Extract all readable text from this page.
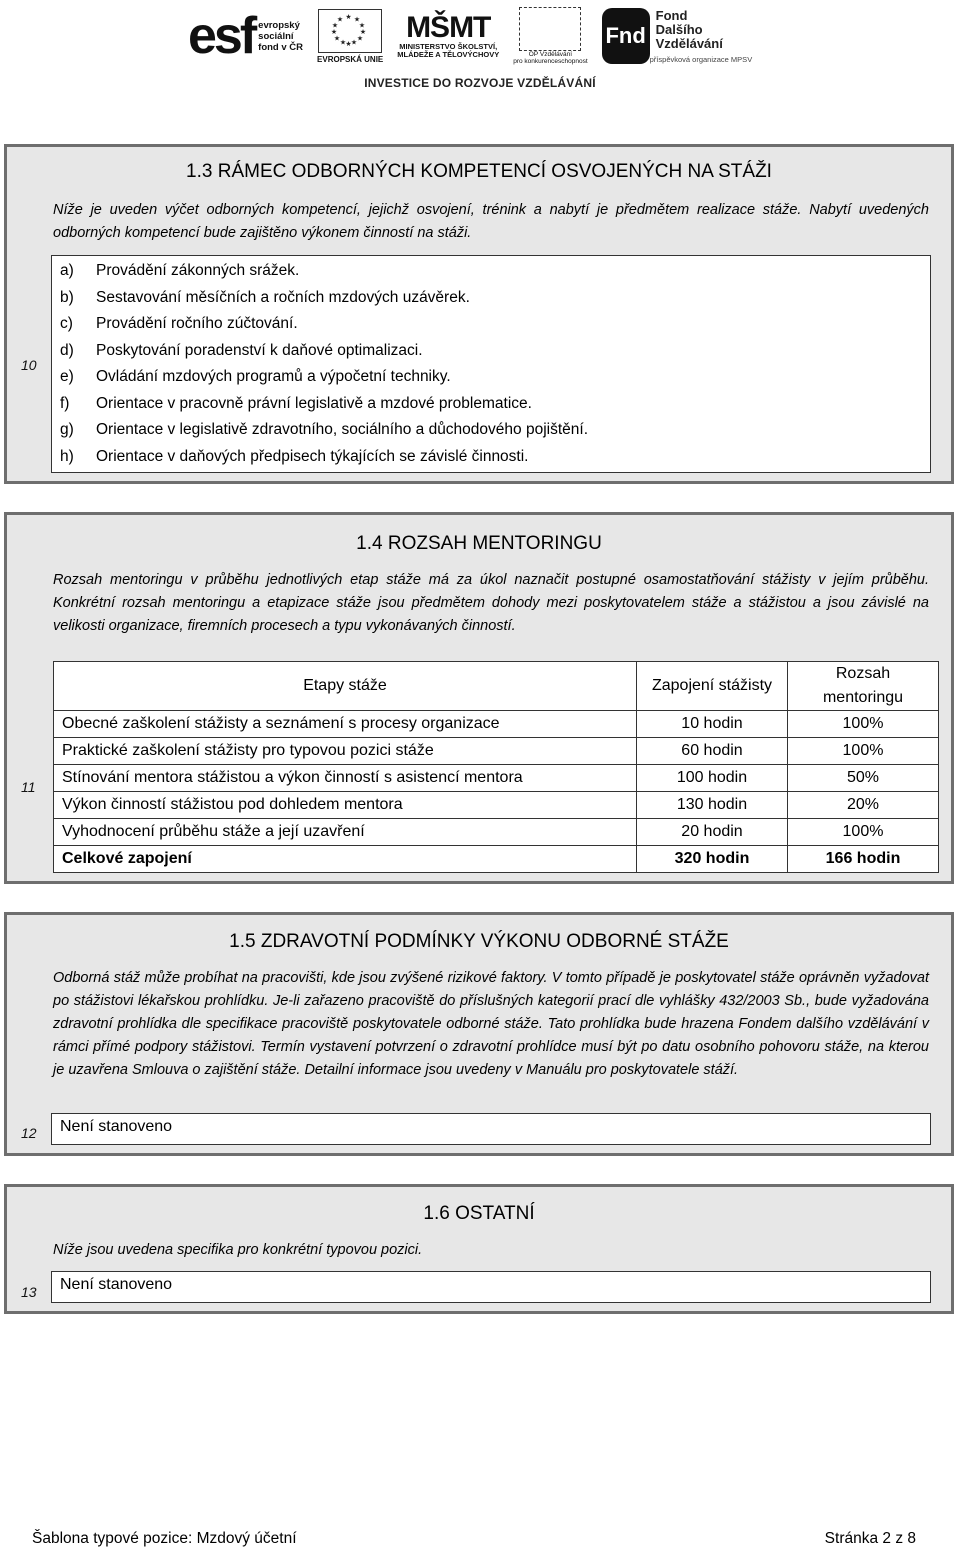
esf evropský
sociální
fond v ČR
★ ★
★
★
★
★
★
★
★
★
★
★
EVROPSKÁ UNIE
MŠMT
MINISTERSTVO ŠKOLSTVÍ,
MLÁDEŽE A TĚLOVÝCHOVY	OP Vzdělávání
pro konkurenceschopnost
Fnd
Fond
Dalšího
Vzdělávání
příspěvková organizace MPSV
INVESTICE DO ROZVOJE VZDĚLÁVÁNÍ
1.3 RÁMEC ODBORNÝCH KOMPETENCÍ OSVOJENÝCH NA STÁŽI
Níže je uveden výčet odborných kompetencí, jejichž osvojení, trénink a nabytí je předmětem realizace stáže. Nabytí uvedených odborných kompetencí bude zajištěno výkonem činností na stáži.
10
a)	Provádění zákonných srážek.
b)	Sestavování měsíčních a ročních mzdových uzávěrek.
c)	Provádění ročního zúčtování.
d)	Poskytování poradenství k daňové optimalizaci.
e)	Ovládání mzdových programů a výpočetní techniky.
f)	Orientace v pracovně právní legislativě a mzdové problematice.
g)	Orientace v legislativě zdravotního, sociálního a důchodového pojištění.
h)	Orientace v daňových předpisech týkajících se závislé činnosti.
1.4 ROZSAH MENTORINGU
Rozsah mentoringu v průběhu jednotlivých etap stáže má za úkol naznačit postupné osamostatňování stážisty v jejím průběhu. Konkrétní rozsah mentoringu a etapizace stáže jsou předmětem dohody mezi poskytovatelem stáže a stážistou a jsou závislé na velikosti organizace, firemních procesech a typu vykonávaných činností.
11
Etapy stáže	Zapojení stážisty	Rozsah mentoringu
Obecné zaškolení stážisty a seznámení s procesy organizace	10 hodin	100%
Praktické zaškolení stážisty pro typovou pozici stáže	60 hodin	100%
Stínování mentora stážistou a výkon činností s asistencí mentora	100 hodin	50%
Výkon činností stážistou pod dohledem mentora	130 hodin	20%
Vyhodnocení průběhu stáže a její uzavření	20 hodin	100%
Celkové zapojení	320 hodin	166 hodin
1.5 ZDRAVOTNÍ PODMÍNKY VÝKONU ODBORNÉ STÁŽE
Odborná stáž může probíhat na pracovišti, kde jsou zvýšené rizikové faktory. V tomto případě je poskytovatel stáže oprávněn vyžadovat po stážistovi lékařskou prohlídku. Je-li zařazeno pracoviště do příslušných kategorií prací dle vyhlášky 432/2003 Sb., bude vyžadována zdravotní prohlídka dle specifikace pracoviště poskytovatele odborné stáže. Tato prohlídka bude hrazena Fondem dalšího vzdělávání v rámci přímé podpory stážistovi. Termín vystavení potvrzení o zdravotní prohlídce musí být po datu osobního pohovoru stáže, na kterou je uzavřena Smlouva o zajištění stáže. Detailní informace jsou uvedeny v Manuálu pro poskytovatele stáží.
12	Není stanoveno
1.6 OSTATNÍ
Níže jsou uvedena specifika pro konkrétní typovou pozici.
13	Není stanoveno
Šablona typové pozice: Mzdový účetní	Stránka 2 z 8
